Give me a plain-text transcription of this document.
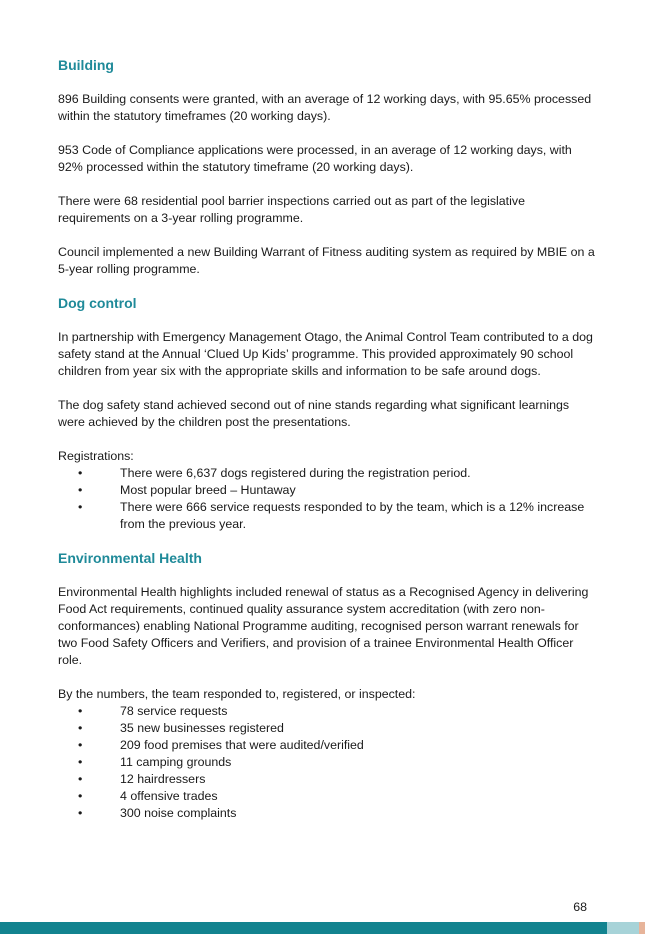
Building

896 Building consents were granted, with an average of 12 working days, with 95.65% processed within the statutory timeframes (20 working days).

953 Code of Compliance applications were processed, in an average of 12 working days, with 92% processed within the statutory timeframe (20 working days).

There were 68 residential pool barrier inspections carried out as part of the legislative requirements on a 3-year rolling programme.

Council implemented a new Building Warrant of Fitness auditing system as required by MBIE on a 5-year rolling programme.

Dog control

In partnership with Emergency Management Otago, the Animal Control Team contributed to a dog safety stand at the Annual ‘Clued Up Kids’ programme. This provided approximately 90 school children from year six with the appropriate skills and information to be safe around dogs.

The dog safety stand achieved second out of nine stands regarding what significant learnings were achieved by the children post the presentations.

Registrations:

•	There were 6,637 dogs registered during the registration period.
•	Most popular breed – Huntaway
•	There were 666 service requests responded to by the team, which is a 12% increase from the previous year.
Environmental Health

Environmental Health highlights included renewal of status as a Recognised Agency in delivering Food Act requirements, continued quality assurance system accreditation (with zero non-conformances) enabling National Programme auditing, recognised person warrant renewals for two Food Safety Officers and Verifiers, and provision of a trainee Environmental Health Officer role.

By the numbers, the team responded to, registered, or inspected:

•	78 service requests
•	35 new businesses registered
•	209 food premises that were audited/verified
•	11 camping grounds
•	12 hairdressers
•	4 offensive trades
•	300 noise complaints
68
